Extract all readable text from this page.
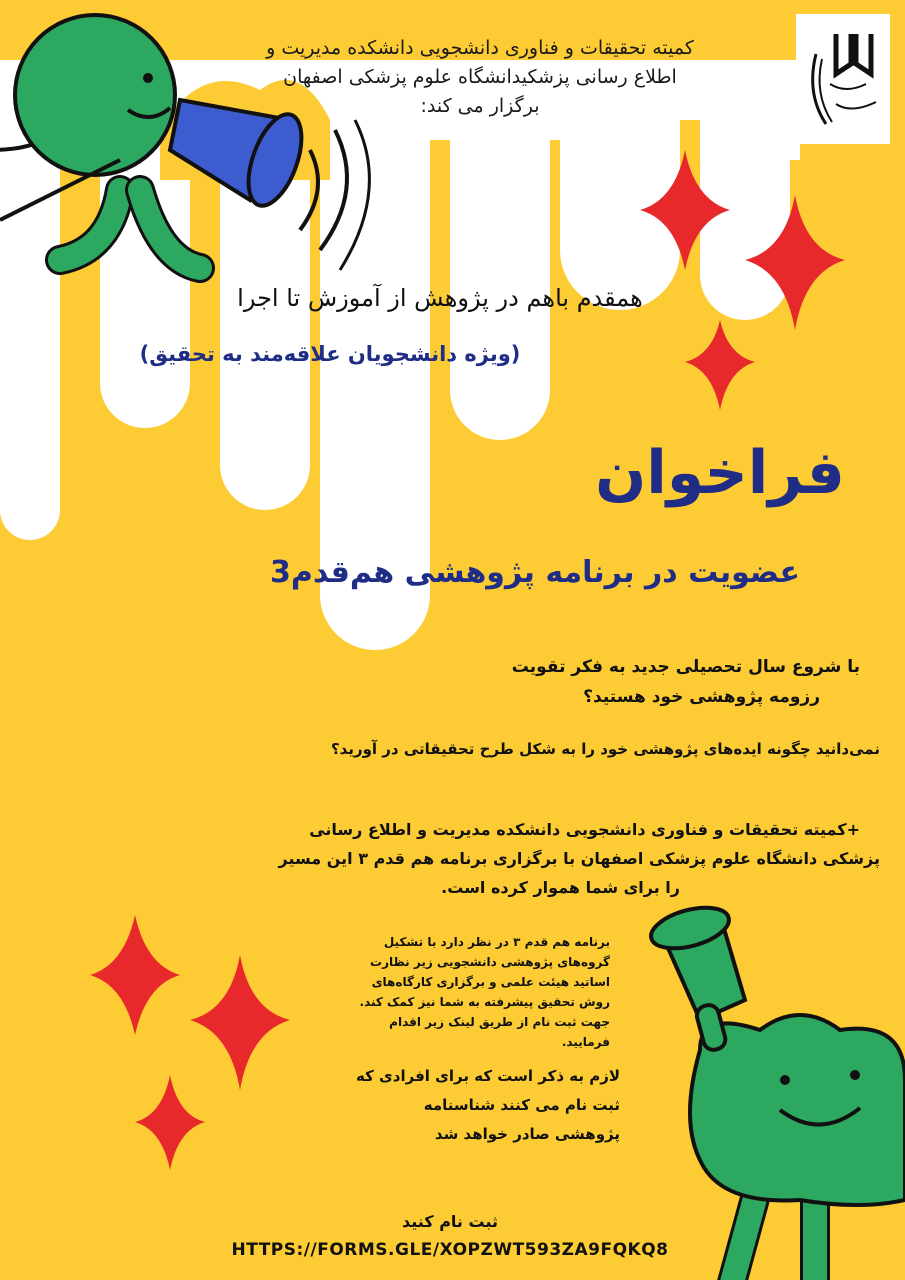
کمیته تحقیقات و فناوری دانشجویی دانشکده مدیریت و
اطلاع رسانی پزشکیدانشگاه علوم پزشکی اصفهان
برگزار می کند:
همقدم باهم در پژوهش از آموزش تا اجرا
(ویژه دانشجویان علاقه‌مند به تحقیق)
فراخوان
عضویت در برنامه پژوهشی هم‌قدم3
با شروع سال تحصیلی جدید به فکر تقویت
رزومه پژوهشی خود هستید؟
نمی‌دانید چگونه ایده‌های پژوهشی خود را به شکل طرح تحقیقاتی در آورید؟
+کمیته تحقیقات و فناوری دانشجویی دانشکده مدیریت و اطلاع رسانی
پزشکی دانشگاه علوم پزشکی اصفهان با برگزاری برنامه هم قدم ۳ این مسیر
را برای شما هموار کرده است.
برنامه هم قدم ۳ در نظر دارد با تشکیل
گروه‌های پژوهشی دانشجویی زیر نظارت
اساتید هیئت علمی و برگزاری کارگاه‌های
روش تحقیق پیشرفته به شما نیز کمک کند.
جهت ثبت نام از طریق لینک زیر اقدام
فرمایید.
لازم به ذکر است که برای افرادی که
ثبت نام می کنند شناسنامه
پژوهشی صادر خواهد شد
ثبت نام کنید
HTTPS://FORMS.GLE/XOPZWT593ZA9FQKQ8
